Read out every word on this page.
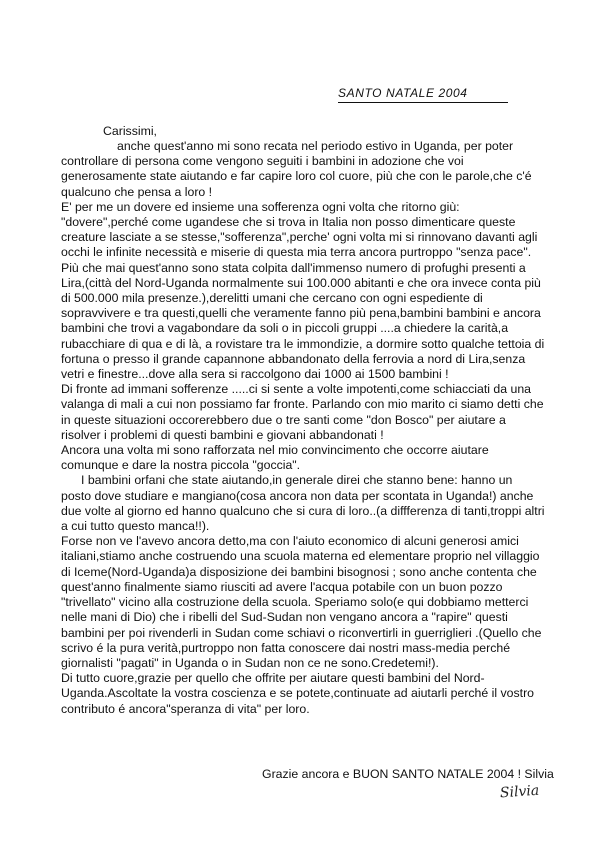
SANTO NATALE 2004
Carissimi,

anche quest'anno mi sono recata nel periodo estivo in Uganda, per poter controllare di persona come vengono seguiti i bambini in adozione che voi generosamente state aiutando e far capire loro col cuore, più che con le parole,che c'é qualcuno che pensa a loro !

E' per me un dovere ed insieme una sofferenza ogni volta che ritorno giù: "dovere",perché come ugandese che si trova in Italia non posso dimenticare queste creature lasciate a se stesse,"sofferenza",perche' ogni volta mi si rinnovano davanti agli occhi le infinite necessità e miserie di questa mia terra ancora purtroppo "senza pace".

Più che mai quest'anno sono stata colpita dall'immenso numero di profughi presenti a Lira,(città del Nord-Uganda normalmente sui 100.000 abitanti e che ora invece conta più di 500.000 mila presenze.),derelitti umani che cercano con ogni espediente di sopravvivere e tra questi,quelli che veramente fanno più pena,bambini bambini e ancora bambini che trovi a vagabondare da soli o in piccoli gruppi ....a chiedere la carità,a rubacchiare di qua e di là, a rovistare tra le immondizie, a dormire sotto qualche tettoia di fortuna o presso il grande capannone abbandonato della ferrovia a nord di Lira,senza vetri e finestre...dove alla sera si raccolgono dai 1000 ai 1500 bambini !

Di fronte ad immani sofferenze .....ci si sente a volte impotenti,come schiacciati da una valanga di mali a cui non possiamo far fronte. Parlando con mio marito ci siamo detti che in queste situazioni occorerebbero due o tre santi come "don Bosco" per aiutare a risolver i problemi di questi bambini e giovani abbandonati !

Ancora una volta mi sono rafforzata nel mio convincimento che occorre aiutare comunque e dare la nostra piccola "goccia".

I bambini orfani che state aiutando,in generale direi che stanno bene: hanno un posto dove studiare e mangiano(cosa ancora non data per scontata in Uganda!) anche due volte al giorno ed hanno qualcuno che si cura di loro..(a diffferenza di tanti,troppi altri a cui tutto questo manca!!).

Forse non ve l'avevo ancora detto,ma con l'aiuto economico di alcuni generosi amici italiani,stiamo anche costruendo una scuola materna ed elementare proprio nel villaggio di Iceme(Nord-Uganda)a disposizione dei bambini bisognosi ; sono anche contenta che quest'anno finalmente siamo riusciti ad avere l'acqua potabile con un buon pozzo "trivellato" vicino alla costruzione della scuola. Speriamo solo(e qui dobbiamo metterci nelle mani di Dio) che i ribelli del Sud-Sudan non vengano ancora a "rapire" questi bambini per poi rivenderli in Sudan come schiavi o riconvertirli in guerriglieri .(Quello che scrivo é la pura verità,purtroppo non fatta conoscere dai nostri mass-media perché giornalisti "pagati" in Uganda o in Sudan non ce ne sono.Credetemi!).

Di tutto cuore,grazie per quello che offrite per aiutare questi bambini del Nord-Uganda.Ascoltate la vostra coscienza e se potete,continuate ad aiutarli perché il vostro contributo é ancora"speranza di vita" per loro.

Grazie ancora e BUON SANTO NATALE 2004 ! Silvia
Silvia
